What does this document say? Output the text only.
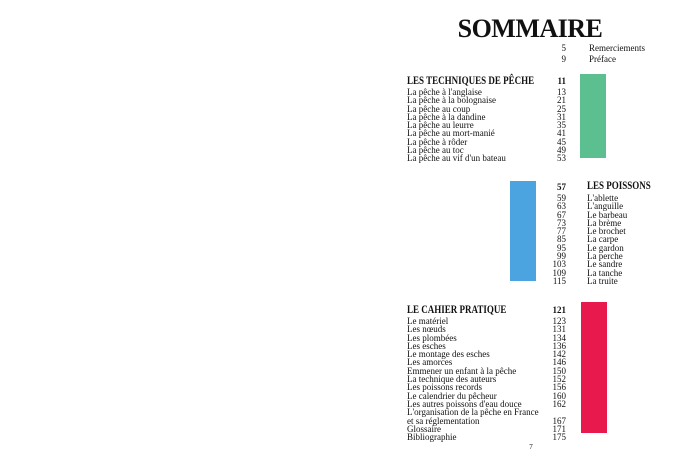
SOMMAIRE
5	Remerciements
9	Préface
LES TECHNIQUES DE PÊCHE	11
La pêche à l'anglaise	13
La pêche à la bolognaise	21
La pêche au coup	25
La pêche à la dandine	31
La pêche au leurre	35
La pêche au mort-manié	41
La pêche à rôder	45
La pêche au toc	49
La pêche au vif d'un bateau	53
57 LES POISSONS
59 L'ablette
63 L'anguille
67 Le barbeau
73 La brème
77 Le brochet
85 La carpe
95 Le gardon
99 La perche
103 Le sandre
109 La tanche
115 La truite
LE CAHIER PRATIQUE	121
Le matériel	123
Les nœuds	131
Les plombées	134
Les esches	136
Le montage des esches	142
Les amorces	146
Emmener un enfant à la pêche	150
La technique des auteurs	152
Les poissons records	156
Le calendrier du pêcheur	160
Les autres poissons d'eau douce	162
L'organisation de la pêche en France
et sa réglementation	167
Glossaire	171
Bibliographie	175
7
